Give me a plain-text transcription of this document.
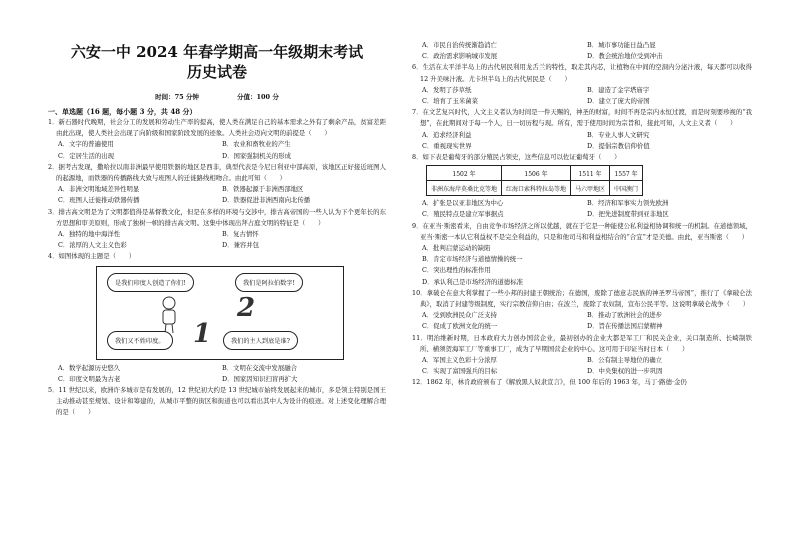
六安一中 2024 年春学期高一年级期末考试
历史试卷
时间：75 分钟	分值：100 分
一、单选题（16 题，每小题 3 分，共 48 分）

1．新石器时代晚期，社会分工的发展和劳动生产率的提高，使人类在满足自己的基本需求之外有了剩余产品，贫富差距由此出现，使人类社会出现了向阶级和国家阶段发展的迹象。人类社会迈向文明的前提是（　　）

A．文字的普遍使用	B．农业和畜牧业的产生
C．定居生活的出现	D．国家强制机关的形成

2．据考古发现，撒哈拉以南非洲最早使用铁器的地区是西非，典型代表是今尼日利亚中部高原，该地区正好接近班图人的起源地，而铁器的传播路线大致与班图人的迁徙路线相吻合。由此可知（　　）

A．非洲文明地域差异性明显	B．铁器起源于非洲西部地区
C．班图人迁徙推动铁器传播	D．铁器促进非洲西南向北传播

3．排古高文明是为了文明都值得是基督教文化，但是在多样的环境与交涉中，排古高帝国的一些人认为下个更年长的东方思想和审美原则，形成了独树一帜的排古高文明。这集中体现出拜占庭文明的特征是（　　）

A．独特的地中海洋性	B．复古情怀
C．浓厚的人文主义色彩	D．兼容并包

4．如图体现的主题是（　　）

是我们印度人创造了你们!	我们是阿拉伯数字!
2
1
我们又不姓印度。	我们的主人到底是谁?
A．数学起源历史悠久	B．文明在交流中发展融合
C．印度文明最为古老	D．国家因知识扫盲再扩大

5．11 世纪以来，欧洲许多城市是有发展的，12 世纪初大约是 13 世纪城市始终发展起来的城市，多是领主特别是国王主动推动甚至规划、设计和筹建的，从城市平整的街区和街道也可以看出其中人为设计的痕迹。对上述变化理解合理的是（　　）

A．市民自治传统渐趋消亡	B．城市事功能日益凸显
C．政治需求影响城市发展	D．教会统治地位受到冲击

6．生活在太平洋半岛上的古代居民利用龙舌兰的特性，取走其内芯，让植物在中间的空洞内分泌汁液，每天都可以收得 12 升美味汁液。尤卡坦半岛上的古代居民是（　　）

A．发明了莎草纸	B．建造了金字塔庙宇
C．培育了玉米菌菜	D．建立了庞大的帝国

7．在文艺复兴时代，人文主义者认为时间是一件天赐的，神圣的财富，时间不再是宗内永恒过渡，而是时刻要珍视的“我想”，在此期间对于每一个人，日一切历程与现。所有，需于使用时间为宗旨和，接此可知，人文主义者（　　）

A．追求经济利益	B．专业人事人文研究
C．重视现实世界	D．提倡宗教信仰价值

8．如下表是葡萄牙的部分殖民占领史，这些信息可以佐证葡萄牙（　　）

1502 年	1506 年	1511 年	1557 年
非洲东海岸莫桑比克等地	红海口索科特拉岛等地	马六甲地区	中国澳门
A．扩张是以亚非地区为中心	B．经济和军事实力领先欧洲
C．殖民特点是建立军事据点	D．把先进制度带到亚非地区

9．在亚当·斯密看来，自由竞争市场经济之所以优越，就在于它是一种能使公私利益相协调和统一的机制。在道德领域，亚当·斯密一本认它利益权不是完全利益的，只是和他司马和利益相结合的“合宜”才是美德。由此，亚当斯密（　　）

A．批判启蒙运动的缺陷
B．肯定市场经济与道德情操的统一
C．突出理性的标准作用
D．承认利己是市场经济的道德标准

10．拿破仑在意大利掌握了一些小邦的封建王朝统治；在德国，废除了德意志民族的神圣罗马帝国”，推行了《拿破仑法典》，取消了封建等级制度，实行宗教信仰自由；在波兰，废除了农奴制，宣布公民平等。这说明拿破仑战争（　　）

A．受到欧洲民众广泛支持	B．推动了欧洲社会的进步
C．促成了欧洲文化的统一	D．旨在传播法国启蒙精神

11．明治维新时期，日本政府大力创办国营企业，最初创办的企业大都是军工厂和民关企业，关口制造所、长崎制铁所、横须贺海军工厂等重事工厂，成为了早期国营企业的中心。这可用于印证当时日本（　　）

A．军国主义色彩十分浓厚	B．公有制主导地位的确立
C．实现了富国强兵的目标	D．中央集权的进一步巩固

12．1862 年，林肯政府颁布了《解放黑人奴隶宣言》，但 100 年后的 1963 年，马丁·路德·金仍
